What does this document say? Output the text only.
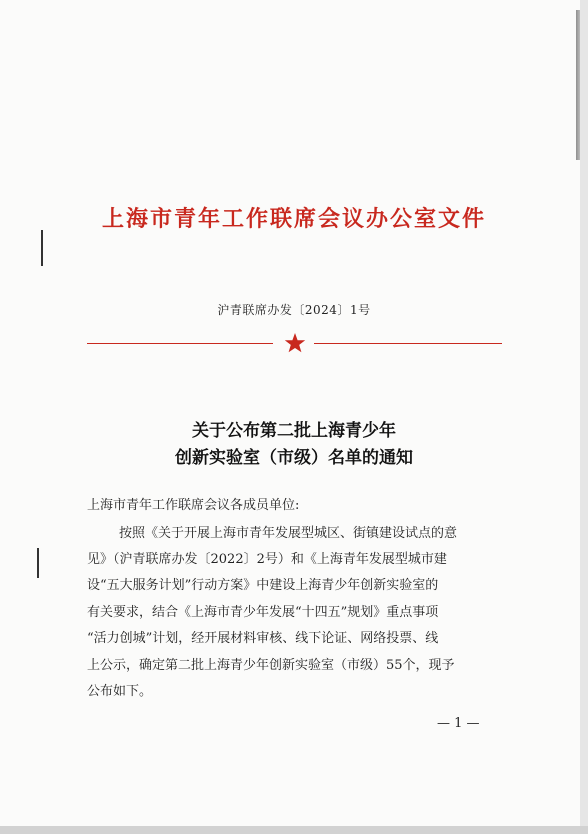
上海市青年工作联席会议办公室文件
沪青联席办发〔2024〕1号
关于公布第二批上海青少年
创新实验室（市级）名单的通知
上海市青年工作联席会议各成员单位:
按照《关于开展上海市青年发展型城区、街镇建设试点的意
见》（沪青联席办发〔2022〕2号）和《上海青年发展型城市建
设“五大服务计划”行动方案》中建设上海青少年创新实验室的
有关要求，结合《上海市青少年发展“十四五”规划》重点事项
“活力创城”计划，经开展材料审核、线下论证、网络投票、线
上公示，确定第二批上海青少年创新实验室（市级）55个，现予
公布如下。
— 1 —
